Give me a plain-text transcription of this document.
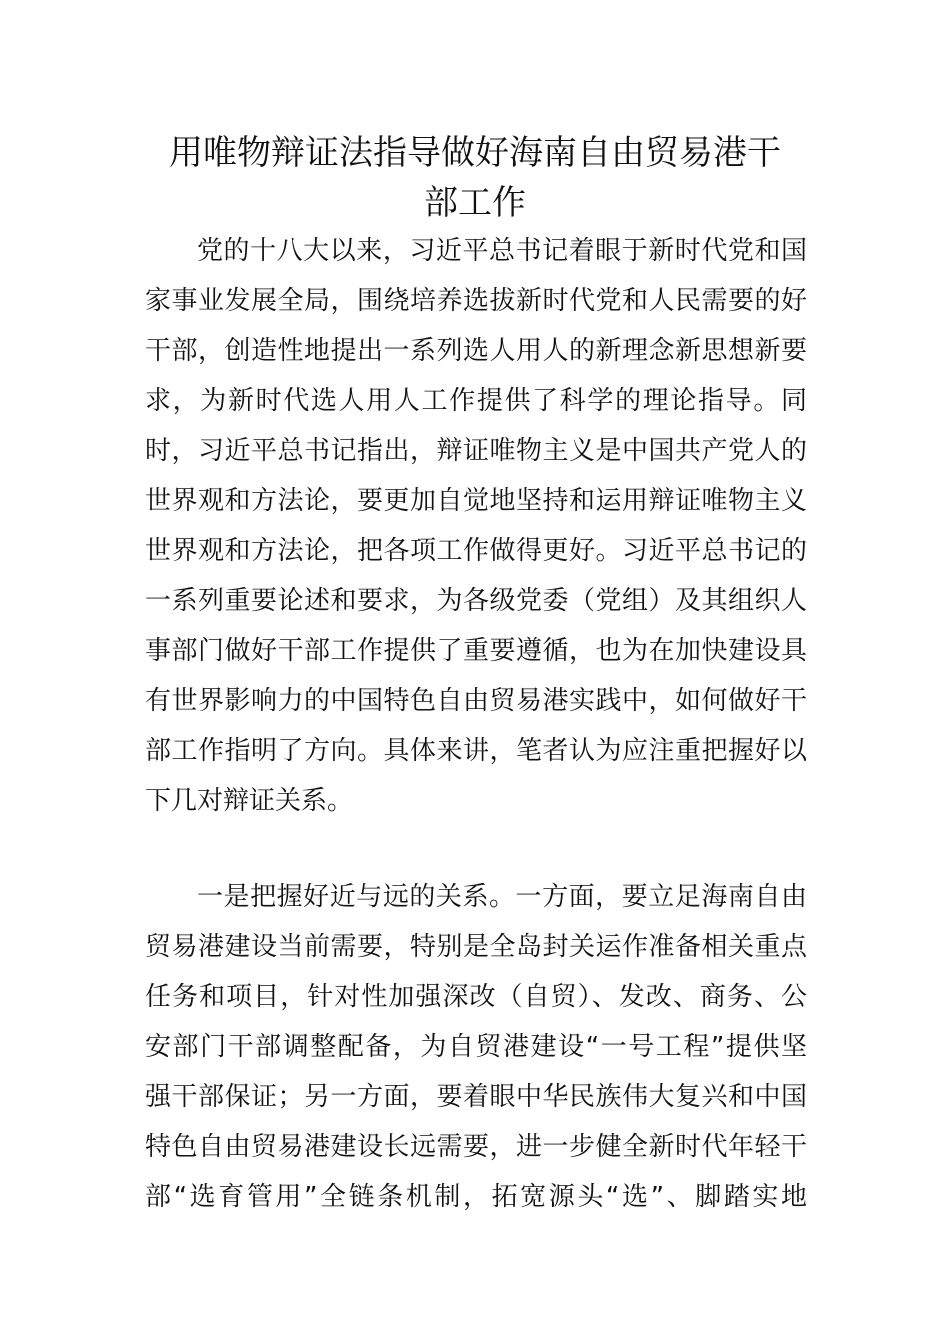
用唯物辩证法指导做好海南自由贸易港干
部工作
党的十八大以来，习近平总书记着眼于新时代党和国
家事业发展全局，围绕培养选拔新时代党和人民需要的好
干部，创造性地提出一系列选人用人的新理念新思想新要
求，为新时代选人用人工作提供了科学的理论指导。同
时，习近平总书记指出，辩证唯物主义是中国共产党人的
世界观和方法论，要更加自觉地坚持和运用辩证唯物主义
世界观和方法论，把各项工作做得更好。习近平总书记的
一系列重要论述和要求，为各级党委（党组）及其组织人
事部门做好干部工作提供了重要遵循，也为在加快建设具
有世界影响力的中国特色自由贸易港实践中，如何做好干
部工作指明了方向。具体来讲，笔者认为应注重把握好以
下几对辩证关系。
一是把握好近与远的关系。一方面，要立足海南自由
贸易港建设当前需要，特别是全岛封关运作准备相关重点
任务和项目，针对性加强深改（自贸）、发改、商务、公
安部门干部调整配备，为自贸港建设“一号工程”提供坚
强干部保证；另一方面，要着眼中华民族伟大复兴和中国
特色自由贸易港建设长远需要，进一步健全新时代年轻干
部“选育管用”全链条机制，拓宽源头“选”、脚踏实地
